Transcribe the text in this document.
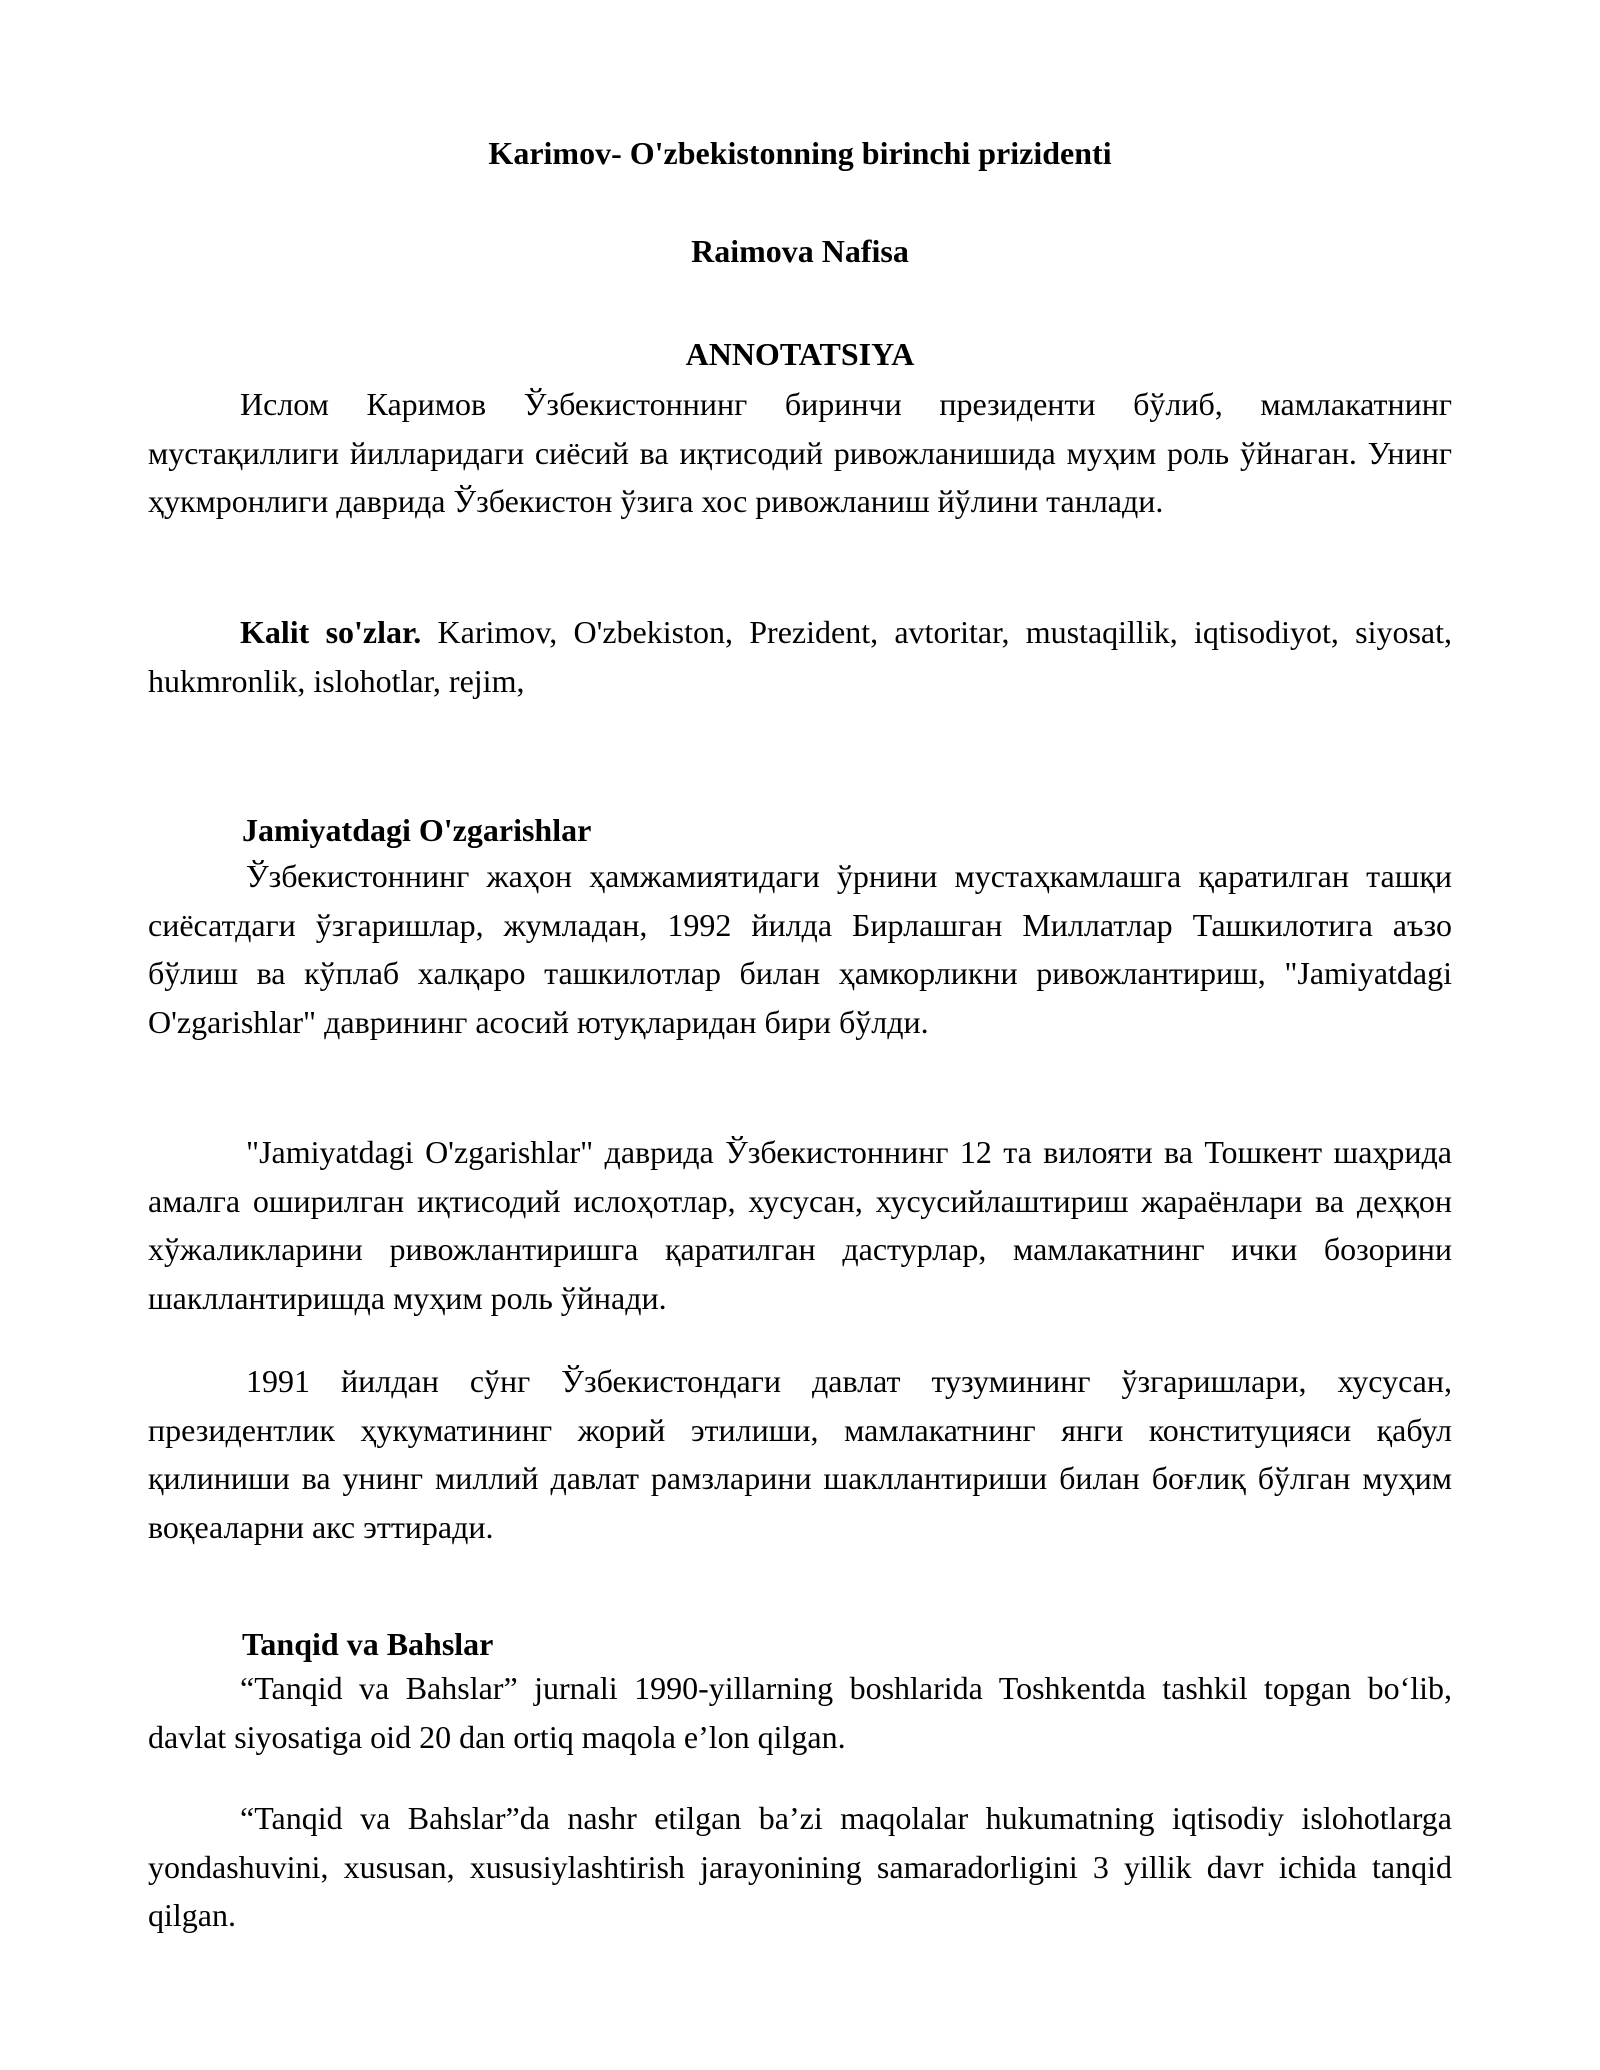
Karimov- O'zbekistonning birinchi prizidenti
Raimova Nafisa
ANNOTATSIYA
Ислом Каримов Ўзбекистоннинг биринчи президенти бўлиб, мамлакатнинг мустақиллиги йилларидаги сиёсий ва иқтисодий ривожланишида муҳим роль ўйнаган. Унинг ҳукмронлиги даврида Ўзбекистон ўзига хос ривожланиш йўлини танлади.
Kalit so'zlar. Karimov, O'zbekiston, Prezident, avtoritar, mustaqillik, iqtisodiyot, siyosat, hukmronlik, islohotlar, rejim,
Jamiyatdagi O'zgarishlar
Ўзбекистоннинг жаҳон ҳамжамиятидаги ўрнини мустаҳкамлашга қаратилган ташқи сиёсатдаги ўзгаришлар, жумладан, 1992 йилда Бирлашган Миллатлар Ташкилотига аъзо бўлиш ва кўплаб халқаро ташкилотлар билан ҳамкорликни ривожлантириш, "Jamiyatdagi O'zgarishlar" даврининг асосий ютуқларидан бири бўлди.
"Jamiyatdagi O'zgarishlar" даврида Ўзбекистоннинг 12 та вилояти ва Тошкент шаҳрида амалга оширилган иқтисодий ислоҳотлар, хусусан, хусусийлаштириш жараёнлари ва деҳқон хўжаликларини ривожлантиришга қаратилган дастурлар, мамлакатнинг ички бозорини шакллантиришда муҳим роль ўйнади.
1991 йилдан сўнг Ўзбекистондаги давлат тузумининг ўзгаришлари, хусусан, президентлик ҳукуматининг жорий этилиши, мамлакатнинг янги конституцияси қабул қилиниши ва унинг миллий давлат рамзларини шакллантириши билан боғлиқ бўлган муҳим воқеаларни акс эттиради.
Tanqid va Bahslar
“Tanqid va Bahslar” jurnali 1990-yillarning boshlarida Toshkentda tashkil topgan bo‘lib, davlat siyosatiga oid 20 dan ortiq maqola e’lon qilgan.
“Tanqid va Bahslar”da nashr etilgan ba’zi maqolalar hukumatning iqtisodiy islohotlarga yondashuvini, xususan, xususiylashtirish jarayonining samaradorligini 3 yillik davr ichida tanqid qilgan.
